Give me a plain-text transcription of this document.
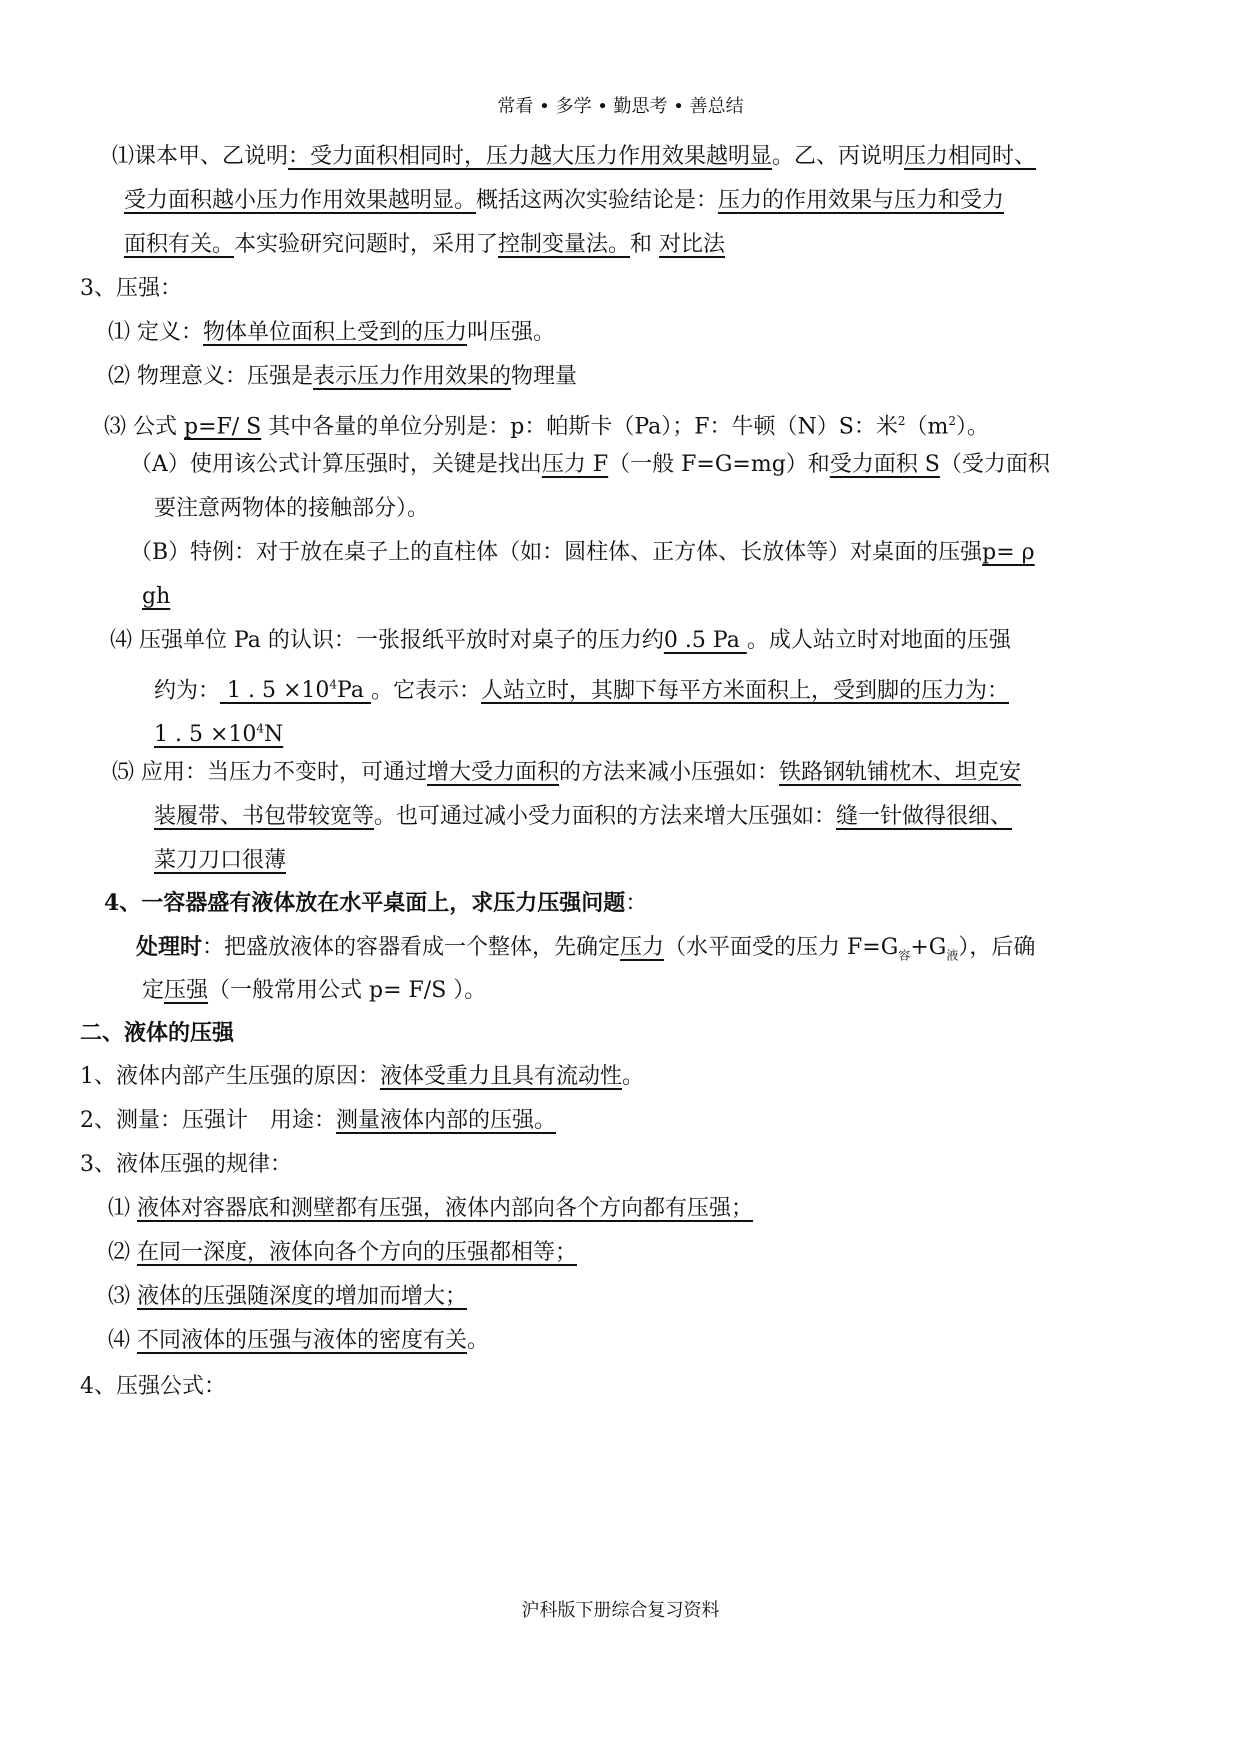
常看 • 多学 • 勤思考 • 善总结
⑴课本甲、乙说明：受力面积相同时，压力越大压力作用效果越明显。乙、丙说明压力相同时、
受力面积越小压力作用效果越明显。概括这两次实验结论是：压力的作用效果与压力和受力
面积有关。本实验研究问题时，采用了控制变量法。和 对比法
3、压强：
⑴ 定义：物体单位面积上受到的压力叫压强。
⑵ 物理意义：压强是表示压力作用效果的物理量
⑶ 公式 p=F/ S 其中各量的单位分别是：p：帕斯卡（Pa）；F：牛顿（N）S：米$^2(m^2)$。
（A）使用该公式计算压强时，关键是找出压力 F（一般 F=G=mg）和受力面积 S（受力面积
要注意两物体的接触部分）。
（B）特例：对于放在桌子上的直柱体（如：圆柱体、正方体、长放体等）对桌面的压强p= ρ
gh
⑷ 压强单位 Pa 的认识：一张报纸平放时对桌子的压力约0 .5 Pa 。成人站立时对地面的压强
约为： 1 . $5 \times 10^4Pa$ 。它表示：人站立时，其脚下每平方米面积上，受到脚的压力为：
1 . $5 \times 10^4N$
⑸ 应用：当压力不变时，可通过增大受力面积的方法来减小压强如：铁路钢轨铺枕木、坦克安
装履带、书包带较宽等。也可通过减小受力面积的方法来增大压强如：缝一针做得很细、
菜刀刀口很薄
4、一容器盛有液体放在水平桌面上，求压力压强问题：
处理时：把盛放液体的容器看成一个整体，先确定压力（水平面受的压力 $F=G_容+G_液$），后确
定压强（一般常用公式 p= F/S ）。
二、液体的压强
1、液体内部产生压强的原因：液体受重力且具有流动性。
2、测量：压强计　用途：测量液体内部的压强。
3、液体压强的规律：
⑴ 液体对容器底和测壁都有压强，液体内部向各个方向都有压强；
⑵ 在同一深度，液体向各个方向的压强都相等；
⑶ 液体的压强随深度的增加而增大；
⑷ 不同液体的压强与液体的密度有关。
4、压强公式：
沪科版下册综合复习资料
